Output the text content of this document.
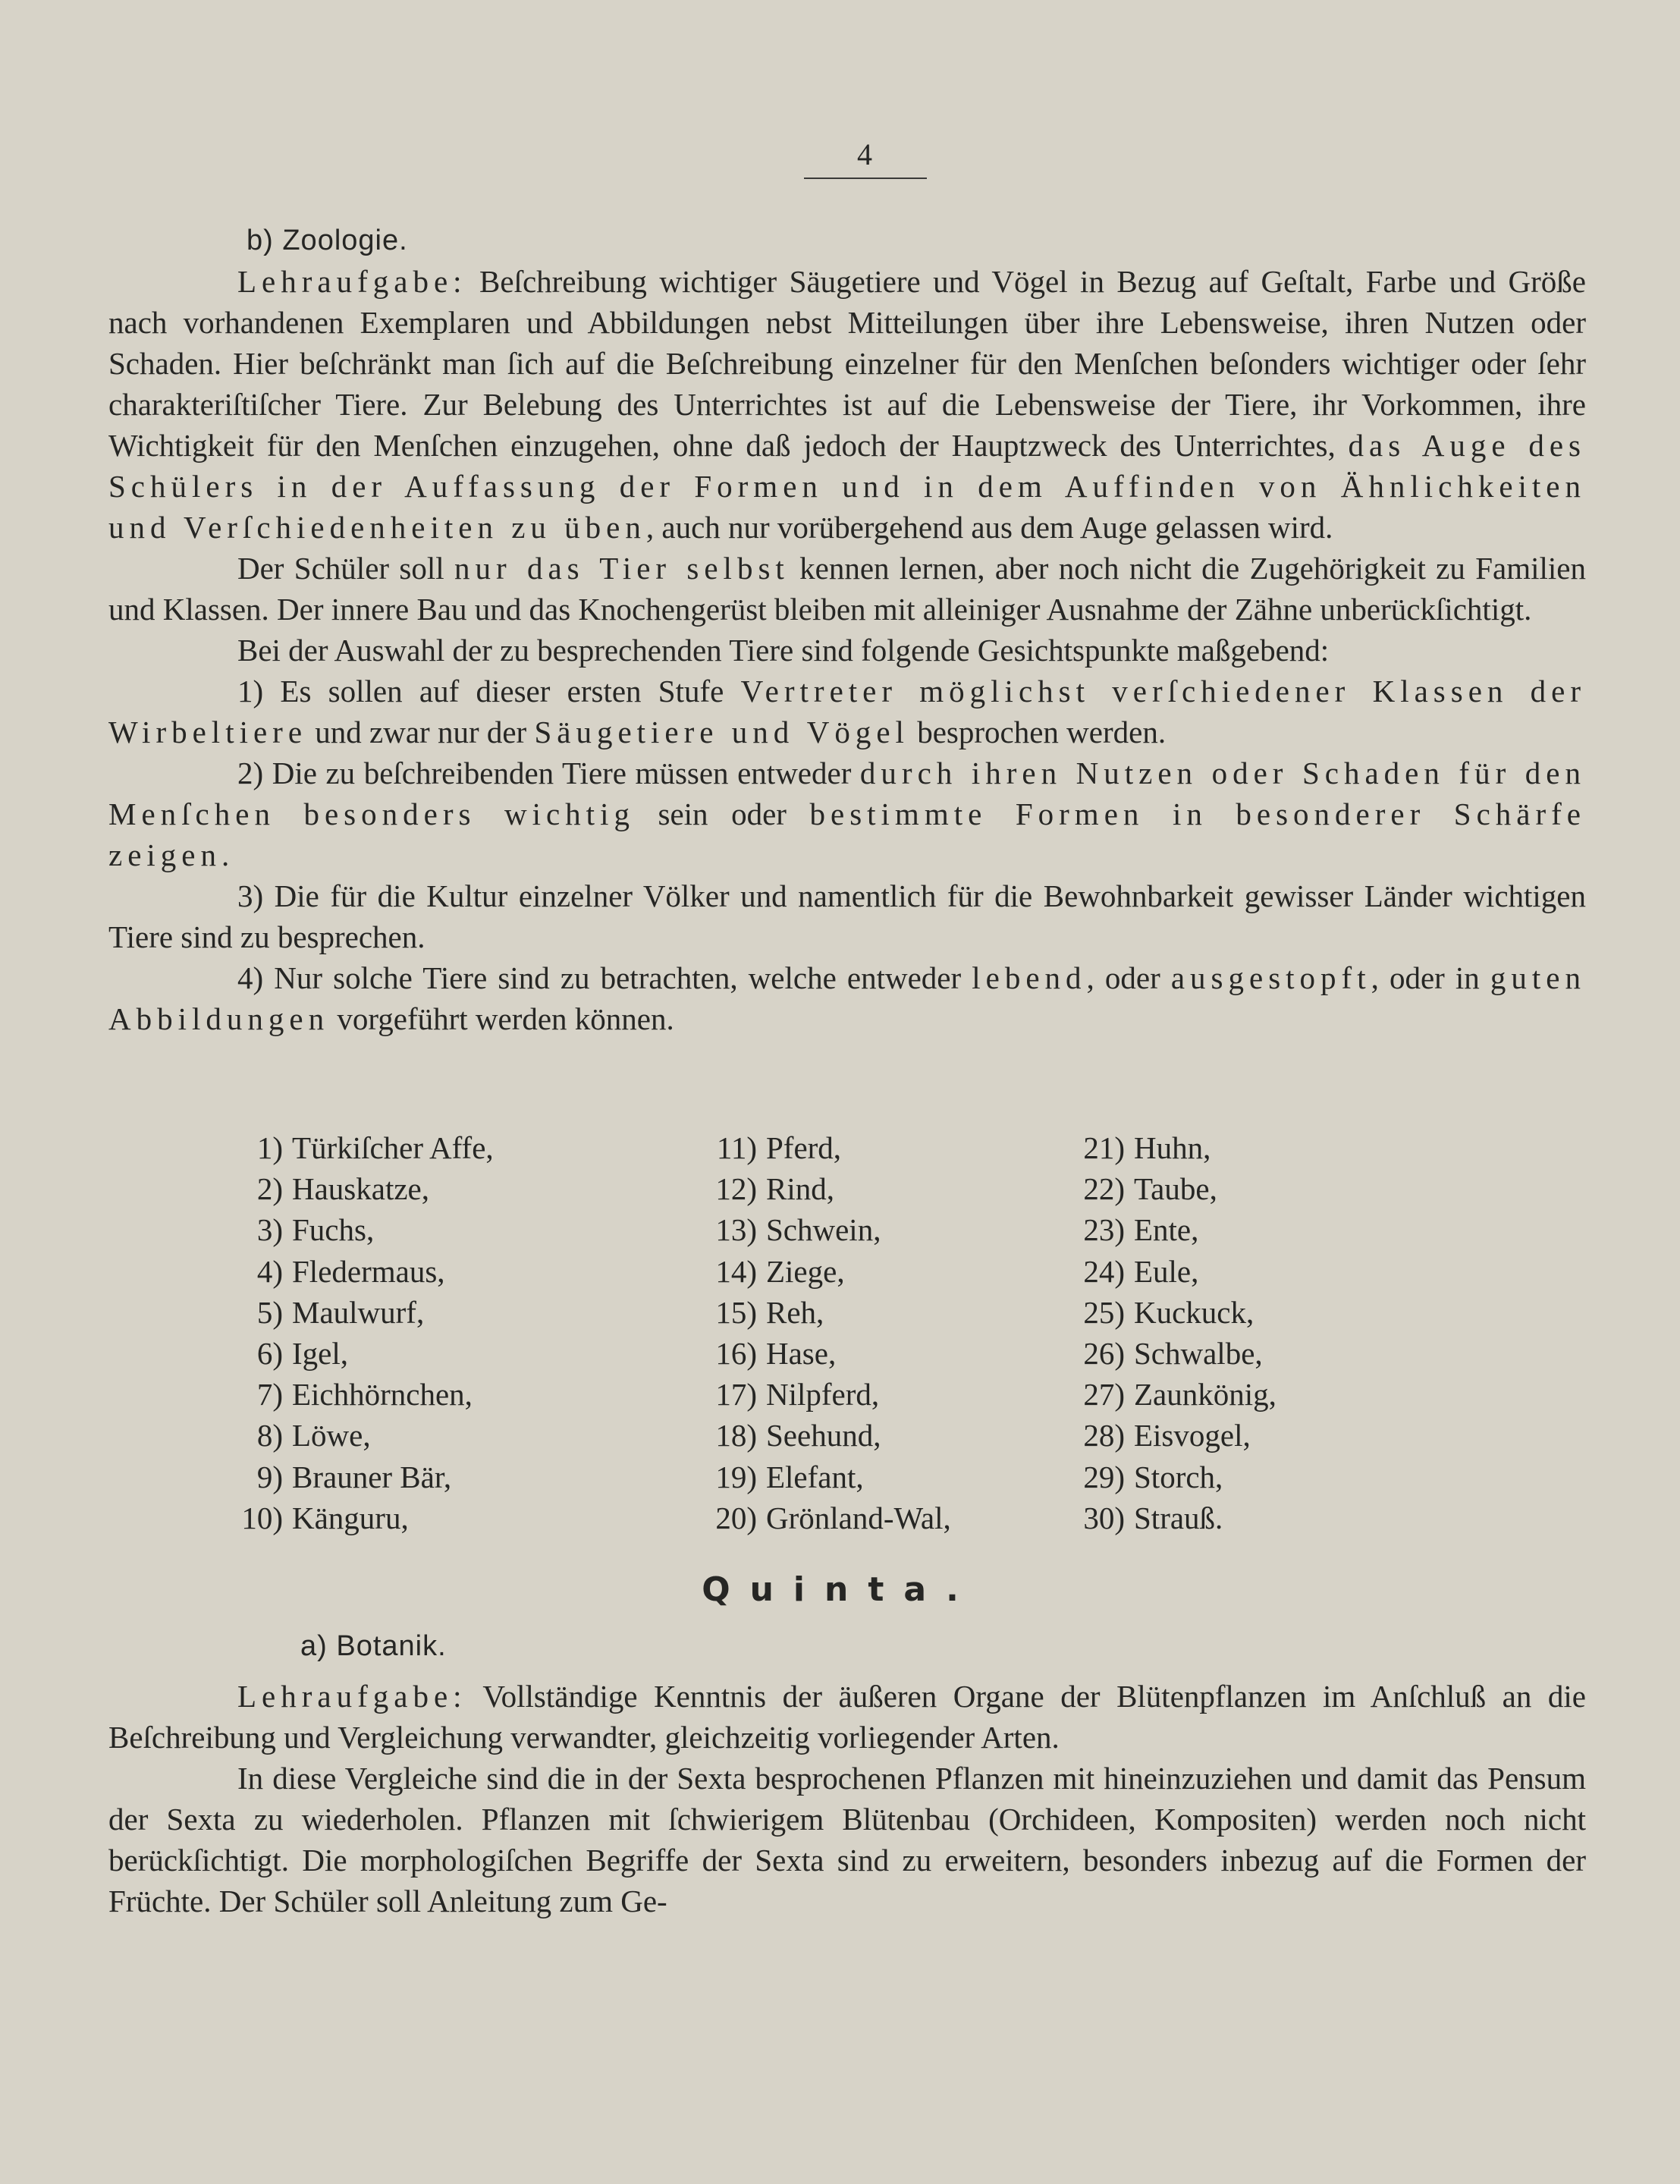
4

b) Zoologie.

Lehraufgabe: Beſchreibung wichtiger Säugetiere und Vögel in Bezug auf Geſtalt, Farbe und Größe nach vorhandenen Exemplaren und Abbildungen nebst Mitteilungen über ihre Lebensweise, ihren Nutzen oder Schaden. Hier beſchränkt man ſich auf die Beſchreibung einzelner für den Menſchen beſonders wichtiger oder ſehr charakteriſtiſcher Tiere. Zur Belebung des Unterrichtes ist auf die Lebensweise der Tiere, ihr Vorkommen, ihre Wichtigkeit für den Menſchen einzugehen, ohne daß jedoch der Hauptzweck des Unterrichtes, das Auge des Schülers in der Auffassung der Formen und in dem Auffinden von Ähnlichkeiten und Verſchiedenheiten zu üben, auch nur vorübergehend aus dem Auge gelassen wird.

Der Schüler soll nur das Tier selbst kennen lernen, aber noch nicht die Zugehörigkeit zu Familien und Klassen. Der innere Bau und das Knochengerüst bleiben mit alleiniger Ausnahme der Zähne unberückſichtigt.

Bei der Auswahl der zu besprechenden Tiere sind folgende Gesichtspunkte maßgebend:

1) Es sollen auf dieser ersten Stufe Vertreter möglichst verſchiedener Klassen der Wirbeltiere und zwar nur der Säugetiere und Vögel besprochen werden.

2) Die zu beſchreibenden Tiere müssen entweder durch ihren Nutzen oder Schaden für den Menſchen besonders wichtig sein oder bestimmte Formen in besonderer Schärfe zeigen.

3) Die für die Kultur einzelner Völker und namentlich für die Bewohnbarkeit gewisser Länder wichtigen Tiere sind zu besprechen.

4) Nur solche Tiere sind zu betrachten, welche entweder lebend, oder ausgestopft, oder in guten Abbildungen vorgeführt werden können.

1) Türkiſcher Affe,
2) Hauskatze,
3) Fuchs,
4) Fledermaus,
5) Maulwurf,
6) Igel,
7) Eichhörnchen,
8) Löwe,
9) Brauner Bär,
10) Känguru,
11) Pferd,
12) Rind,
13) Schwein,
14) Ziege,
15) Reh,
16) Hase,
17) Nilpferd,
18) Seehund,
19) Elefant,
20) Grönland-Wal,
21) Huhn,
22) Taube,
23) Ente,
24) Eule,
25) Kuckuck,
26) Schwalbe,
27) Zaunkönig,
28) Eisvogel,
29) Storch,
30) Strauß.
Quinta.

a) Botanik.

Lehraufgabe: Vollständige Kenntnis der äußeren Organe der Blütenpflanzen im Anſchluß an die Beſchreibung und Vergleichung verwandter, gleichzeitig vorliegender Arten.

In diese Vergleiche sind die in der Sexta besprochenen Pflanzen mit hineinzuziehen und damit das Pensum der Sexta zu wiederholen. Pflanzen mit ſchwierigem Blütenbau (Orchideen, Kompositen) werden noch nicht berückſichtigt. Die morphologiſchen Begriffe der Sexta sind zu erweitern, besonders inbezug auf die Formen der Früchte. Der Schüler soll Anleitung zum Ge-
